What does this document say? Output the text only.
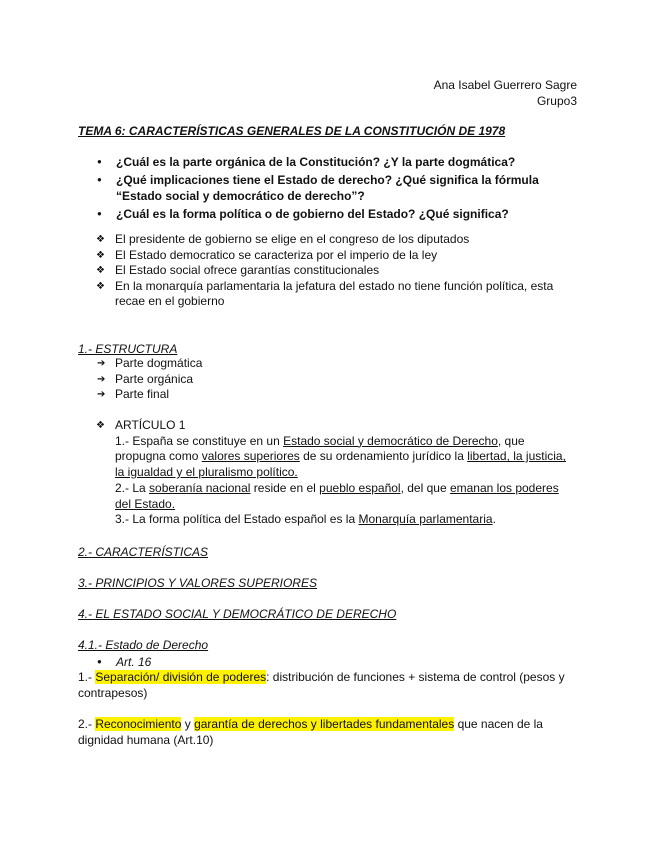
Ana Isabel Guerrero Sagre
Grupo3
TEMA 6: CARACTERÍSTICAS GENERALES DE LA CONSTITUCIÓN DE 1978
● ¿Cuál es la parte orgánica de la Constitución? ¿Y la parte dogmática?
● ¿Qué implicaciones tiene el Estado de derecho? ¿Qué significa la fórmula “Estado social y democrático de derecho”?
● ¿Cuál es la forma política o de gobierno del Estado? ¿Qué significa?
❖ El presidente de gobierno se elige en el congreso de los diputados
❖ El Estado democratico se caracteriza por el imperio de la ley
❖ El Estado social ofrece garantías constitucionales
❖ En la monarquía parlamentaria la jefatura del estado no tiene función política, esta recae en el gobierno
1.- ESTRUCTURA
➔ Parte dogmática
➔ Parte orgánica
➔ Parte final
❖ ARTÍCULO 1
1.- España se constituye en un Estado social y democrático de Derecho, que propugna como valores superiores de su ordenamiento jurídico la libertad, la justicia, la igualdad y el pluralismo político.
2.- La soberanía nacional reside en el pueblo español, del que emanan los poderes del Estado.
3.- La forma política del Estado español es la Monarquía parlamentaria.
2.- CARACTERÍSTICAS
3.- PRINCIPIOS Y VALORES SUPERIORES
4.- EL ESTADO SOCIAL Y DEMOCRÁTICO DE DERECHO
4.1.- Estado de Derecho
● Art. 16
1.- Separación/ división de poderes: distribución de funciones + sistema de control (pesos y contrapesos)
2.- Reconocimiento y garantía de derechos y libertades fundamentales que nacen de la dignidad humana (Art.10)
